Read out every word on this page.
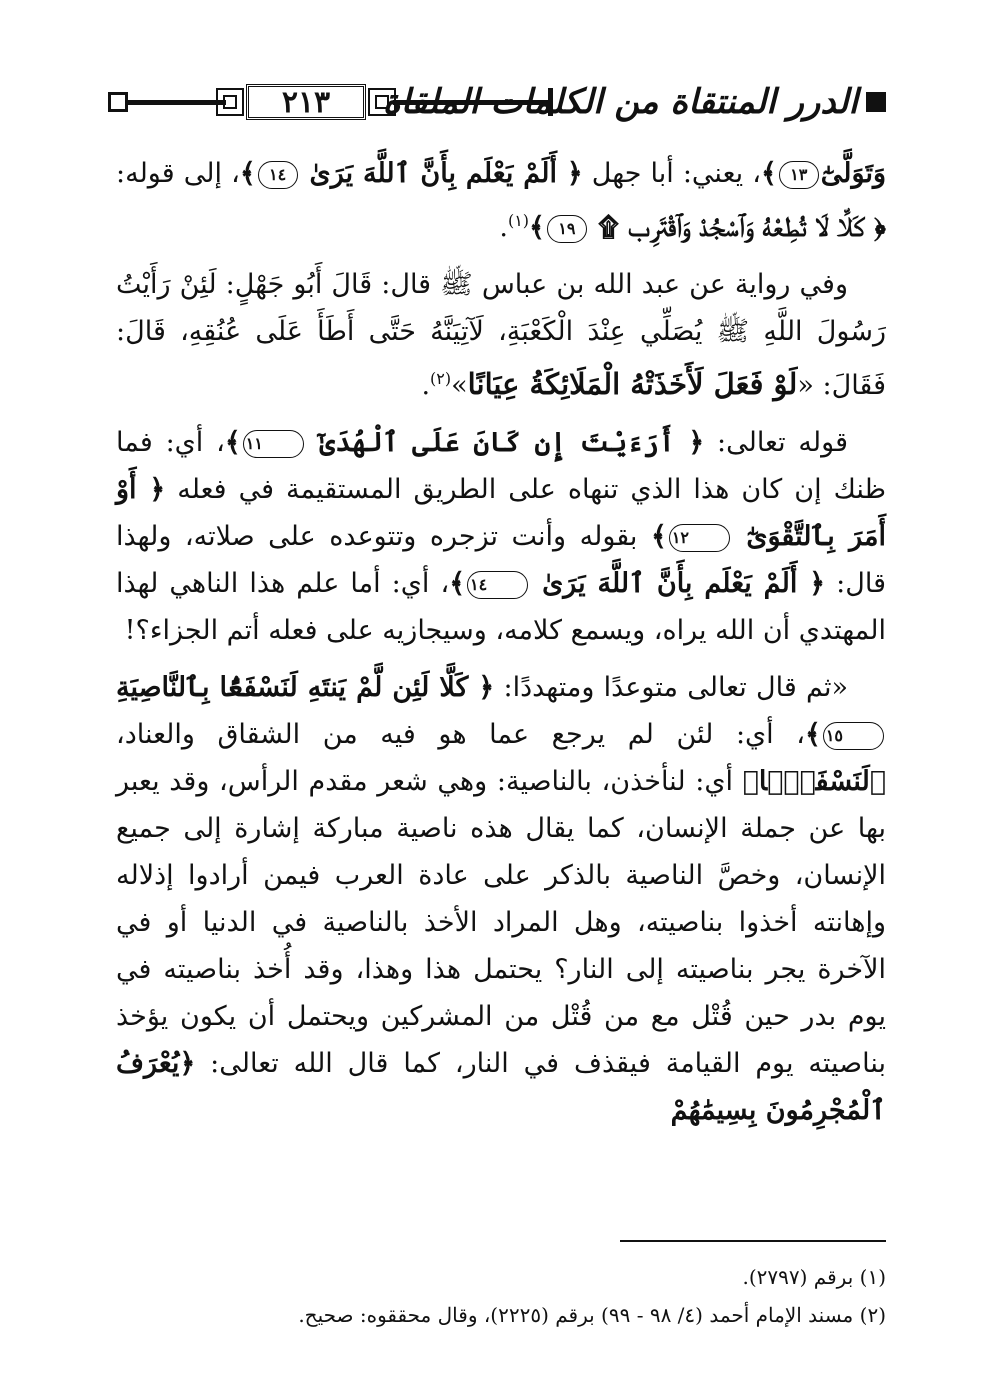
٢١٣	الدرر المنتقاة من الكلمات الملقاة

وَتَوَلَّىٰٓ١٣﴾، يعني: أبا جهل ﴿ أَلَمْ يَعْلَم بِأَنَّ ٱللَّهَ يَرَىٰ ١٤﴾، إلى قوله: ﴿ كَلَّا لَا تُطِعْهُ وَٱسْجُدْ وَٱقْتَرِب ۩ ١٩﴾$^{(١)}$.

وفي رواية عن عبد الله بن عباس ﷺ قال: قَالَ أَبُو جَهْلٍ: لَئِنْ رَأَيْتُ رَسُولَ اللَّهِ ﷺ يُصَلِّي عِنْدَ الْكَعْبَةِ، لَآتِيَنَّهُ حَتَّى أَطَأَ عَلَى عُنُقِهِ، قَالَ: فَقَالَ: «لَوْ فَعَلَ لَأَخَذَتْهُ الْمَلَائِكَةُ عِيَانًا»$^{(٢)}$.

قوله تعالى: ﴿ أَرَءَيْتَ إِن كَانَ عَلَى ٱلْهُدَىٰٓ ١١﴾، أي: فما ظنك إن كان هذا الذي تنهاه على الطريق المستقيمة في فعله ﴿ أَوْ أَمَرَ بِٱلتَّقْوَىٰٓ ١٢﴾ بقوله وأنت تزجره وتتوعده على صلاته، ولهذا قال: ﴿ أَلَمْ يَعْلَم بِأَنَّ ٱللَّهَ يَرَىٰ ١٤﴾، أي: أما علم هذا الناهي لهذا المهتدي أن الله يراه، ويسمع كلامه، وسيجازيه على فعله أتم الجزاء؟!

«ثم قال تعالى متوعدًا ومتهددًا: ﴿ كَلَّا لَئِن لَّمْ يَنتَهِ لَنَسْفَعًۢا بِٱلنَّاصِيَةِ ١٥﴾، أي: لئن لم يرجع عما هو فيه من الشقاق والعناد، ﴿لَنَسْفَعًۢا﴾ أي: لنأخذن، بالناصية: وهي شعر مقدم الرأس، وقد يعبر بها عن جملة الإنسان، كما يقال هذه ناصية مباركة إشارة إلى جميع الإنسان، وخصَّ الناصية بالذكر على عادة العرب فيمن أرادوا إذلاله وإهانته أخذوا بناصيته، وهل المراد الأخذ بالناصية في الدنيا أو في الآخرة يجر بناصيته إلى النار؟ يحتمل هذا وهذا، وقد أُخذ بناصيته في يوم بدر حين قُتْل مع من قُتْل من المشركين ويحتمل أن يكون يؤخذ بناصيته يوم القيامة فيقذف في النار، كما قال الله تعالى: ﴿يُعْرَفُ ٱلْمُجْرِمُونَ بِسِيمَٰهُمْ

(١) برقم (٢٧٩٧).
(٢) مسند الإمام أحمد (٤/ ٩٨ - ٩٩) برقم (٢٢٢٥)، وقال محققوه: صحيح.
